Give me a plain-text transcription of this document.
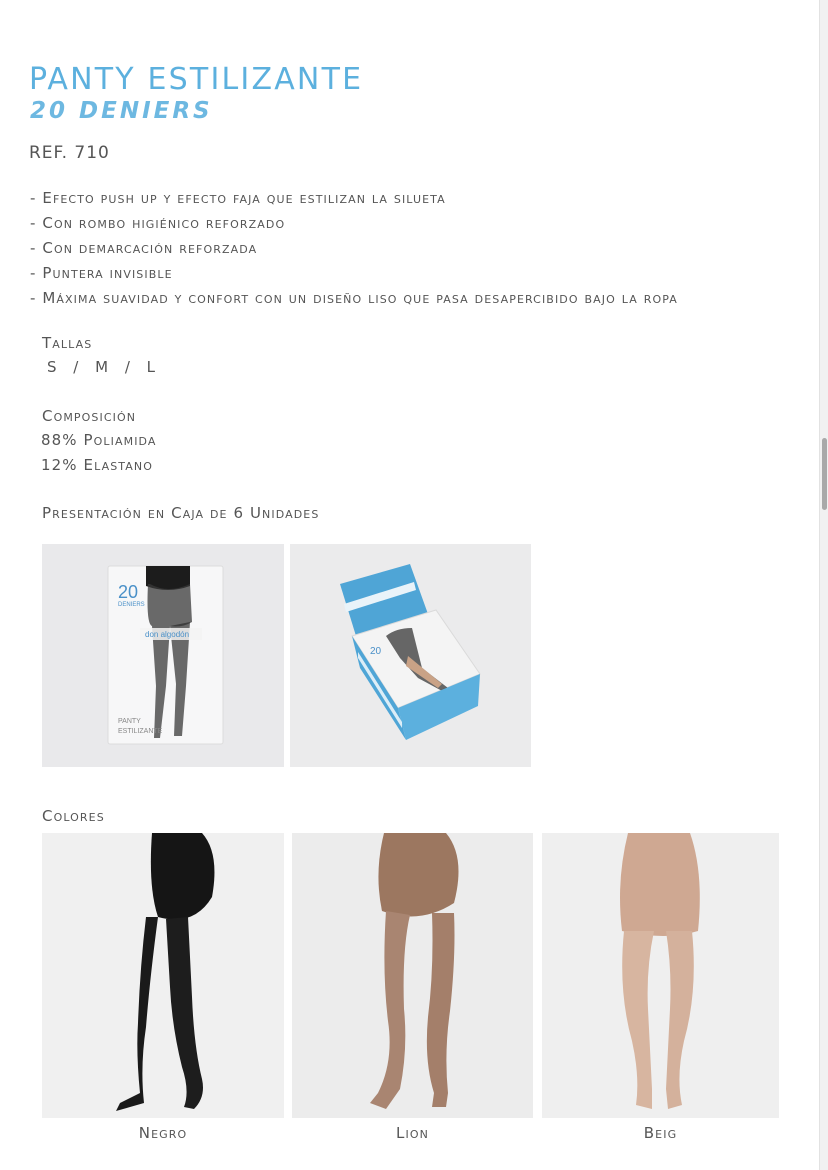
PANTY ESTILIZANTE
20 DENIERS
REF. 710
- Efecto push up y efecto faja que estilizan la silueta
- Con rombo higiénico reforzado
- Con demarcación reforzada
- Puntera invisible
- Máxima suavidad y confort con un diseño liso que pasa desapercibido bajo la ropa
Tallas
S / M / L
Composición
88% Poliamida
12% Elastano
Presentación en Caja de 6 Unidades
20
DENIERS
don algodón
PANTY
ESTILIZANTE
20
Colores
Negro	Lion	Beig
